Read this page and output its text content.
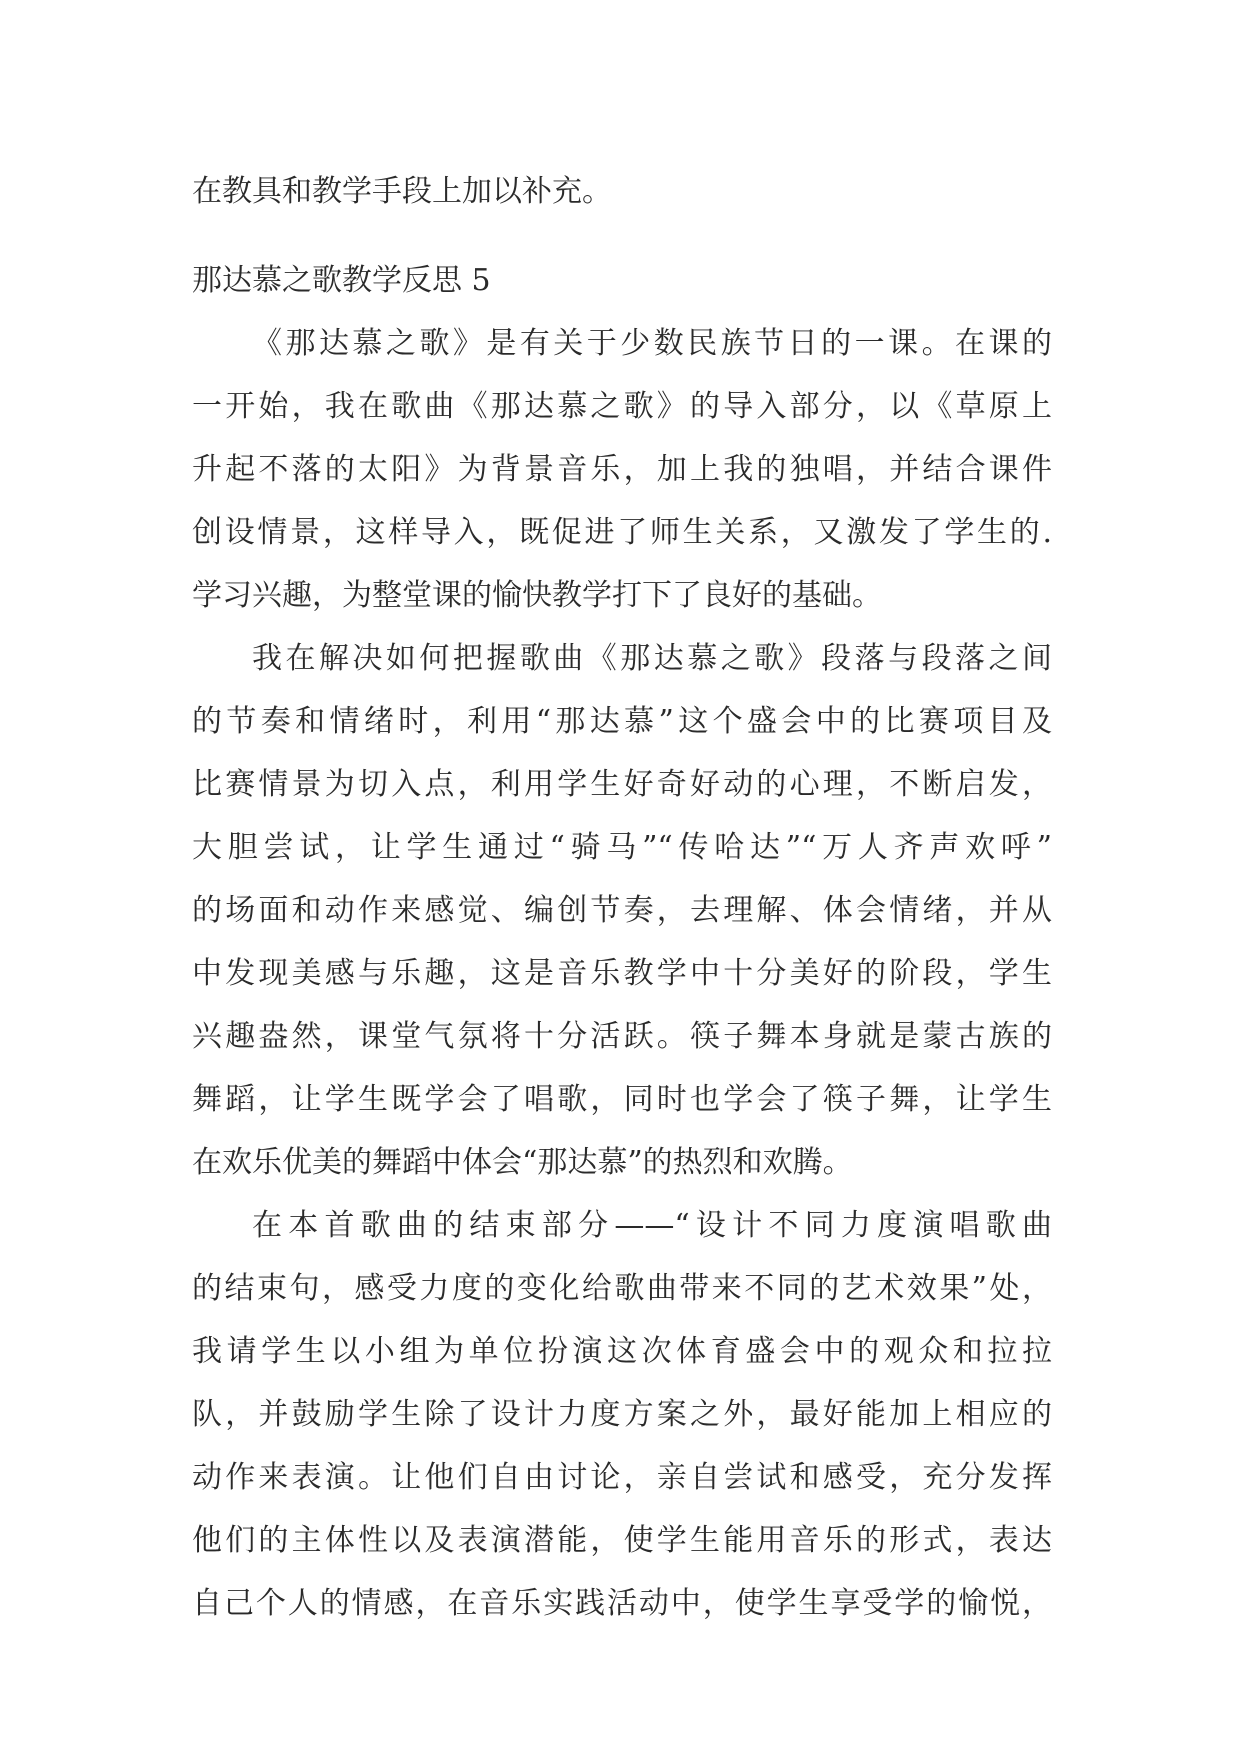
在教具和教学手段上加以补充。
那达慕之歌教学反思 5
《那达慕之歌》是有关于少数民族节日的一课。在课的
一开始，我在歌曲《那达慕之歌》的导入部分，以《草原上
升起不落的太阳》为背景音乐，加上我的独唱，并结合课件
创设情景，这样导入，既促进了师生关系，又激发了学生的.
学习兴趣，为整堂课的愉快教学打下了良好的基础。
我在解决如何把握歌曲《那达慕之歌》段落与段落之间
的节奏和情绪时，利用“那达慕”这个盛会中的比赛项目及
比赛情景为切入点，利用学生好奇好动的心理，不断启发，
大胆尝试，让学生通过“骑马”“传哈达”“万人齐声欢呼”
的场面和动作来感觉、编创节奏，去理解、体会情绪，并从
中发现美感与乐趣，这是音乐教学中十分美好的阶段，学生
兴趣盎然，课堂气氛将十分活跃。筷子舞本身就是蒙古族的
舞蹈，让学生既学会了唱歌，同时也学会了筷子舞，让学生
在欢乐优美的舞蹈中体会“那达慕”的热烈和欢腾。
在本首歌曲的结束部分——“设计不同力度演唱歌曲
的结束句，感受力度的变化给歌曲带来不同的艺术效果”处，
我请学生以小组为单位扮演这次体育盛会中的观众和拉拉
队，并鼓励学生除了设计力度方案之外，最好能加上相应的
动作来表演。让他们自由讨论，亲自尝试和感受，充分发挥
他们的主体性以及表演潜能，使学生能用音乐的形式，表达
自己个人的情感，在音乐实践活动中，使学生享受学的愉悦，
